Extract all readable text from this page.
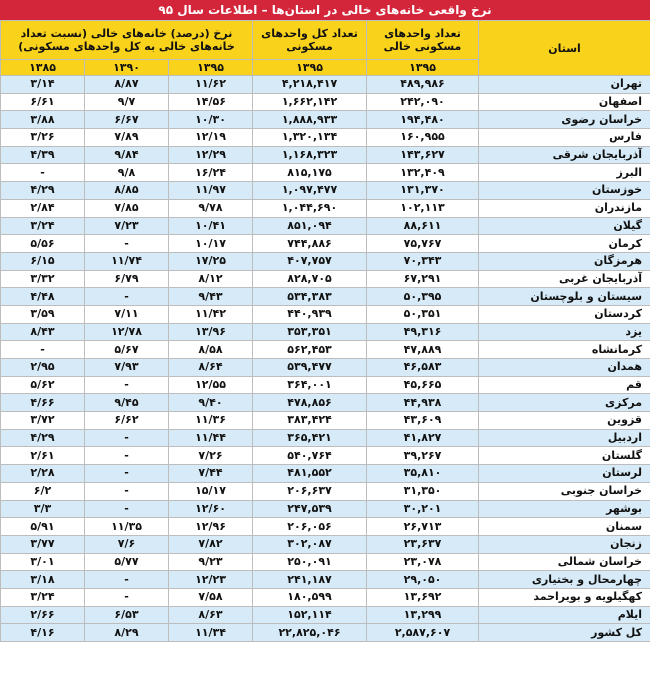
نرخ واقعی خانه‌های خالی در استان‌ها – اطلاعات سال ۹۵
استان	تعداد واحدهای مسکونی خالی	تعداد کل واحدهای مسکونی	نرخ (درصد) خانه‌های خالی (نسبت تعداد خانه‌های خالی به کل واحدهای مسکونی)		
	۱۳۹۵	۱۳۹۵	۱۳۹۵	۱۳۹۰	۱۳۸۵
تهران	۴۸۹,۹۸۶	۴,۲۱۸,۴۱۷	۱۱/۶۲	۸/۸۷	۳/۱۴
اصفهان	۲۴۲,۰۹۰	۱,۶۶۲,۱۴۲	۱۴/۵۶	۹/۷	۶/۶۱
خراسان رضوی	۱۹۴,۴۸۰	۱,۸۸۸,۹۳۳	۱۰/۳۰	۶/۶۷	۳/۸۸
فارس	۱۶۰,۹۵۵	۱,۳۲۰,۱۳۴	۱۲/۱۹	۷/۸۹	۳/۲۶
آذربایجان شرقی	۱۴۳,۶۲۷	۱,۱۶۸,۳۲۳	۱۲/۲۹	۹/۸۴	۴/۳۹
البرز	۱۳۲,۴۰۹	۸۱۵,۱۷۵	۱۶/۲۴	۹/۸	-
خوزستان	۱۳۱,۳۷۰	۱,۰۹۷,۴۷۷	۱۱/۹۷	۸/۸۵	۴/۲۹
مازندران	۱۰۲,۱۱۳	۱,۰۴۴,۶۹۰	۹/۷۸	۷/۸۵	۲/۸۴
گیلان	۸۸,۶۱۱	۸۵۱,۰۹۴	۱۰/۴۱	۷/۲۳	۳/۲۴
کرمان	۷۵,۷۶۷	۷۴۴,۸۸۶	۱۰/۱۷	-	۵/۵۶
هرمزگان	۷۰,۳۴۳	۴۰۷,۷۵۷	۱۷/۲۵	۱۱/۷۴	۶/۱۵
آذربایجان غربی	۶۷,۲۹۱	۸۲۸,۷۰۵	۸/۱۲	۶/۷۹	۳/۳۲
سیستان و بلوچستان	۵۰,۳۹۵	۵۳۴,۳۸۳	۹/۴۳	-	۴/۴۸
کردستان	۵۰,۳۵۱	۴۴۰,۹۳۹	۱۱/۴۲	۷/۱۱	۳/۵۹
یزد	۴۹,۳۱۶	۳۵۳,۳۵۱	۱۳/۹۶	۱۲/۷۸	۸/۴۳
کرمانشاه	۴۷,۸۸۹	۵۶۲,۴۵۳	۸/۵۸	۵/۶۷	-
همدان	۴۶,۵۸۳	۵۳۹,۴۷۷	۸/۶۴	۷/۹۳	۲/۹۵
قم	۴۵,۶۶۵	۳۶۴,۰۰۱	۱۲/۵۵	-	۵/۶۲
مرکزی	۴۴,۹۳۸	۴۷۸,۸۵۶	۹/۴۰	۹/۴۵	۴/۶۶
قزوین	۴۳,۶۰۹	۳۸۳,۴۲۴	۱۱/۳۶	۶/۶۲	۳/۷۲
اردبیل	۴۱,۸۲۷	۳۶۵,۴۲۱	۱۱/۴۴	-	۴/۲۹
گلستان	۳۹,۲۶۷	۵۴۰,۷۶۴	۷/۲۶	-	۲/۶۱
لرستان	۳۵,۸۱۰	۴۸۱,۵۵۲	۷/۴۴	-	۲/۲۸
خراسان جنوبی	۳۱,۳۵۰	۲۰۶,۶۳۷	۱۵/۱۷	-	۶/۲
بوشهر	۳۰,۲۰۱	۲۴۷,۵۳۹	۱۲/۶۰	-	۳/۳
سمنان	۲۶,۷۱۳	۲۰۶,۰۵۶	۱۲/۹۶	۱۱/۳۵	۵/۹۱
زنجان	۲۳,۶۳۷	۳۰۲,۰۸۷	۷/۸۲	۷/۶	۳/۷۷
خراسان شمالی	۲۳,۰۷۸	۲۵۰,۰۹۱	۹/۲۳	۵/۷۷	۳/۰۱
چهارمحال و بختیاری	۲۹,۰۵۰	۲۴۱,۱۸۷	۱۲/۲۳	-	۳/۱۸
کهگیلویه و بویراحمد	۱۳,۶۹۲	۱۸۰,۵۹۹	۷/۵۸	-	۳/۲۴
ایلام	۱۳,۲۹۹	۱۵۲,۱۱۴	۸/۶۳	۶/۵۳	۲/۶۶
کل کشور	۲,۵۸۷,۶۰۷	۲۲,۸۲۵,۰۴۶	۱۱/۳۴	۸/۲۹	۴/۱۶
